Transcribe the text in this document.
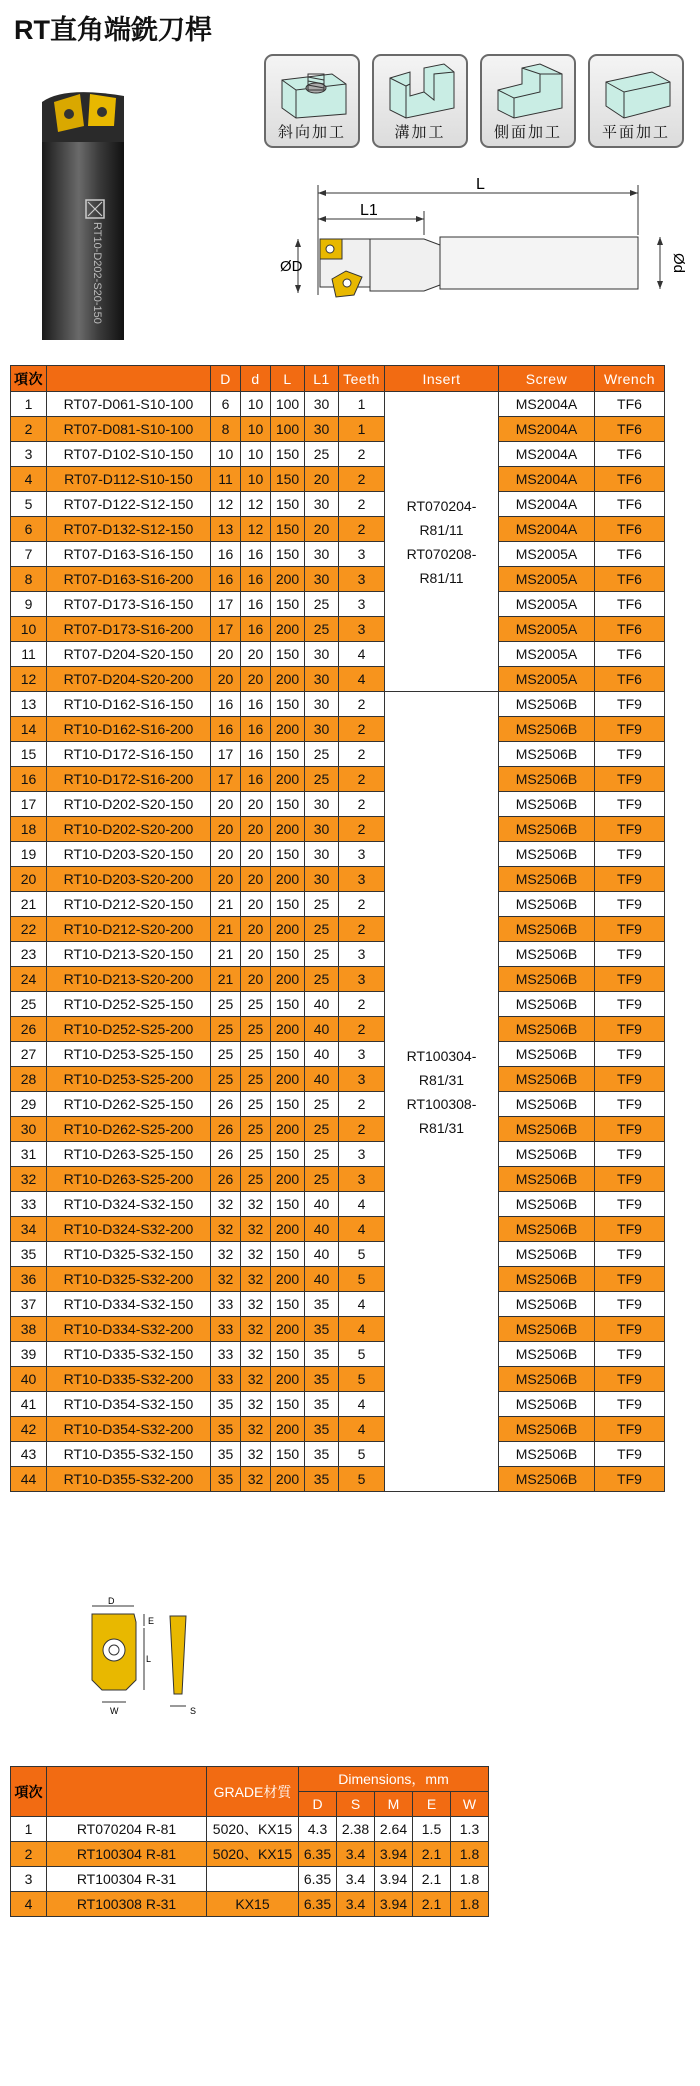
RT直角端銑刀桿
RT10-D202-S20-150
斜向加工	溝加工	側面加工	平面加工
L
L1
ØD	Ød
項次		D	d	L	L1	Teeth	Insert	Screw	Wrench
1	RT07-D061-S10-100	6	10	100	30	1	RT070204-
R81/11
RT070208-
R81/11	MS2004A	TF6
2	RT07-D081-S10-100	8	10	100	30	1		MS2004A	TF6
3	RT07-D102-S10-150	10	10	150	25	2		MS2004A	TF6
4	RT07-D112-S10-150	11	10	150	20	2		MS2004A	TF6
5	RT07-D122-S12-150	12	12	150	30	2		MS2004A	TF6
6	RT07-D132-S12-150	13	12	150	20	2		MS2004A	TF6
7	RT07-D163-S16-150	16	16	150	30	3		MS2005A	TF6
8	RT07-D163-S16-200	16	16	200	30	3		MS2005A	TF6
9	RT07-D173-S16-150	17	16	150	25	3		MS2005A	TF6
10	RT07-D173-S16-200	17	16	200	25	3		MS2005A	TF6
11	RT07-D204-S20-150	20	20	150	30	4		MS2005A	TF6
12	RT07-D204-S20-200	20	20	200	30	4		MS2005A	TF6
13	RT10-D162-S16-150	16	16	150	30	2	RT100304-
R81/31
RT100308-
R81/31	MS2506B	TF9
14	RT10-D162-S16-200	16	16	200	30	2		MS2506B	TF9
15	RT10-D172-S16-150	17	16	150	25	2		MS2506B	TF9
16	RT10-D172-S16-200	17	16	200	25	2		MS2506B	TF9
17	RT10-D202-S20-150	20	20	150	30	2		MS2506B	TF9
18	RT10-D202-S20-200	20	20	200	30	2		MS2506B	TF9
19	RT10-D203-S20-150	20	20	150	30	3		MS2506B	TF9
20	RT10-D203-S20-200	20	20	200	30	3		MS2506B	TF9
21	RT10-D212-S20-150	21	20	150	25	2		MS2506B	TF9
22	RT10-D212-S20-200	21	20	200	25	2		MS2506B	TF9
23	RT10-D213-S20-150	21	20	150	25	3		MS2506B	TF9
24	RT10-D213-S20-200	21	20	200	25	3		MS2506B	TF9
25	RT10-D252-S25-150	25	25	150	40	2		MS2506B	TF9
26	RT10-D252-S25-200	25	25	200	40	2		MS2506B	TF9
27	RT10-D253-S25-150	25	25	150	40	3		MS2506B	TF9
28	RT10-D253-S25-200	25	25	200	40	3		MS2506B	TF9
29	RT10-D262-S25-150	26	25	150	25	2		MS2506B	TF9
30	RT10-D262-S25-200	26	25	200	25	2		MS2506B	TF9
31	RT10-D263-S25-150	26	25	150	25	3		MS2506B	TF9
32	RT10-D263-S25-200	26	25	200	25	3		MS2506B	TF9
33	RT10-D324-S32-150	32	32	150	40	4		MS2506B	TF9
34	RT10-D324-S32-200	32	32	200	40	4		MS2506B	TF9
35	RT10-D325-S32-150	32	32	150	40	5		MS2506B	TF9
36	RT10-D325-S32-200	32	32	200	40	5		MS2506B	TF9
37	RT10-D334-S32-150	33	32	150	35	4		MS2506B	TF9
38	RT10-D334-S32-200	33	32	200	35	4		MS2506B	TF9
39	RT10-D335-S32-150	33	32	150	35	5		MS2506B	TF9
40	RT10-D335-S32-200	33	32	200	35	5		MS2506B	TF9
41	RT10-D354-S32-150	35	32	150	35	4		MS2506B	TF9
42	RT10-D354-S32-200	35	32	200	35	4		MS2506B	TF9
43	RT10-D355-S32-150	35	32	150	35	5		MS2506B	TF9
44	RT10-D355-S32-200	35	32	200	35	5		MS2506B	TF9
D
E
L
W	S
項次		GRADE材質	Dimensions，mm				
			D	S	M	E	W
1	RT070204 R-81	5020、KX15	4.3	2.38	2.64	1.5	1.3
2	RT100304 R-81	5020、KX15	6.35	3.4	3.94	2.1	1.8
3	RT100304 R-31		6.35	3.4	3.94	2.1	1.8
4	RT100308 R-31	KX15	6.35	3.4	3.94	2.1	1.8
